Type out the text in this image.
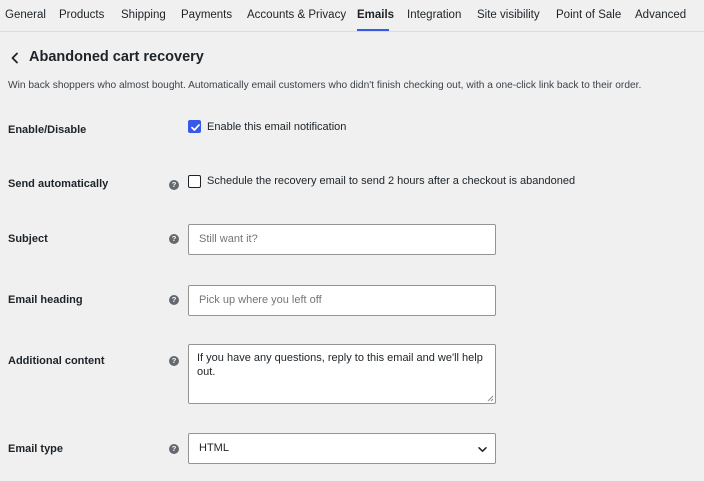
General Products Shipping Payments Accounts & Privacy Emails Integration Site visibility Point of Sale Advanced
Abandoned cart recovery
Win back shoppers who almost bought. Automatically email customers who didn't finish checking out, with a one-click link back to their order.
Enable/Disable	Enable this email notification
Send automatically	?	Schedule the recovery email to send 2 hours after a checkout is abandoned
Subject	?	Still want it?
Email heading	?	Pick up where you left off
Additional content	?	If you have any questions, reply to this email and we'll help out.
Email type	?	HTML
